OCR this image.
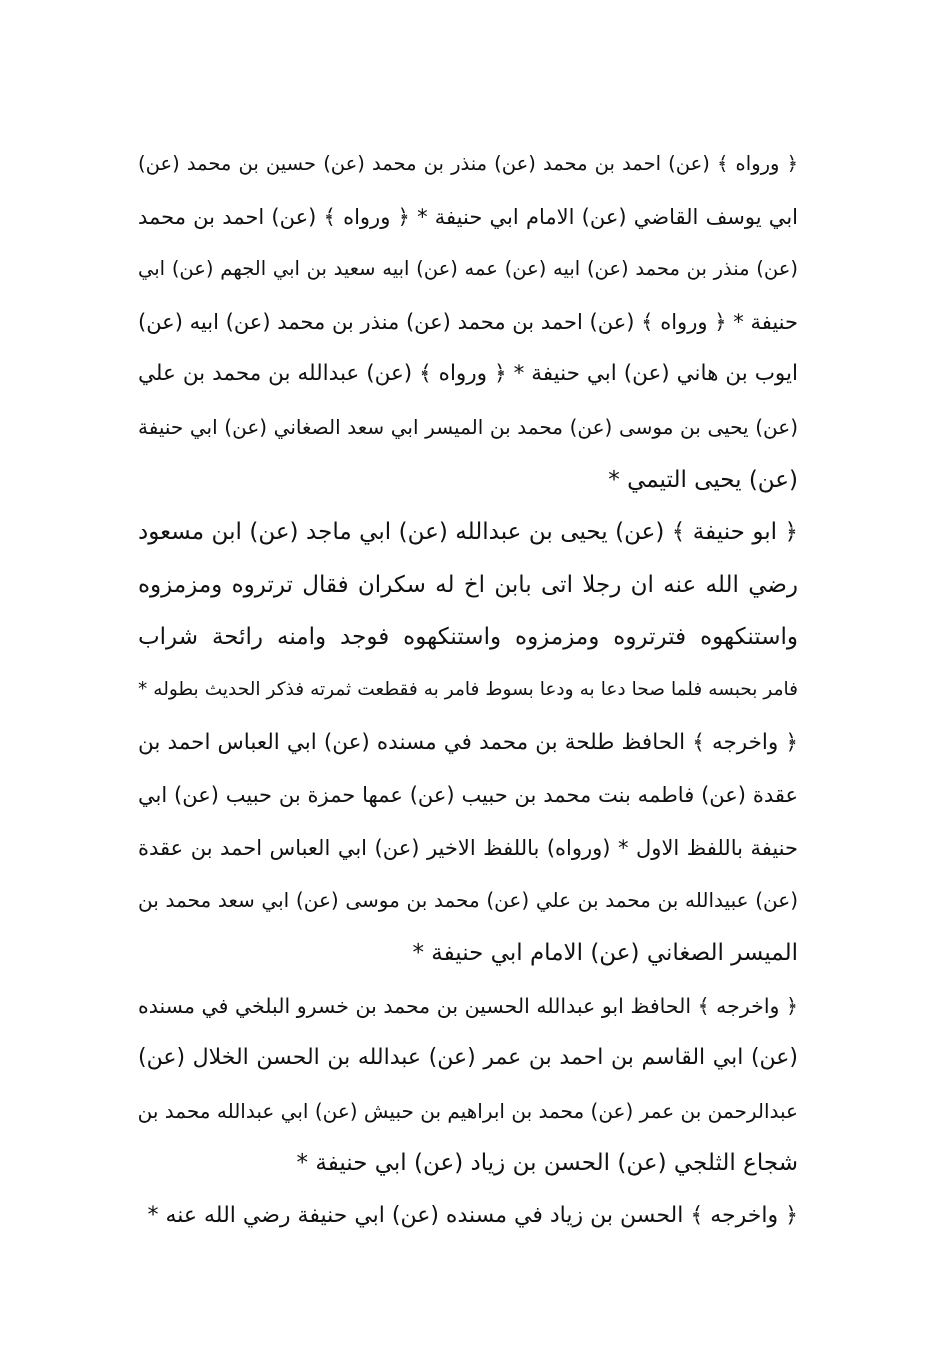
﴿ ورواه ﴾ (عن) احمد بن محمد (عن) منذر بن محمد (عن) حسين بن محمد (عن)
ابي يوسف القاضي (عن) الامام ابي حنيفة * ﴿ ورواه ﴾ (عن) احمد بن محمد
(عن) منذر بن محمد (عن) ابيه (عن) عمه (عن) ابيه سعيد بن ابي الجهم (عن) ابي
حنيفة * ﴿ ورواه ﴾ (عن) احمد بن محمد (عن) منذر بن محمد (عن) ابيه (عن)
ايوب بن هاني (عن) ابي حنيفة * ﴿ ورواه ﴾ (عن) عبدالله بن محمد بن علي
(عن) يحيى بن موسى (عن) محمد بن الميسر ابي سعد الصغاني (عن) ابي حنيفة
(عن) يحيى التيمي *
﴿ ابو حنيفة ﴾ (عن) يحيى بن عبدالله (عن) ابي ماجد (عن) ابن مسعود
رضي الله عنه ان رجلا اتى بابن اخ له سكران فقال ترتروه ومزمزوه
واستنكهوه فترتروه ومزمزوه واستنكهوه فوجد وامنه رائحة شراب
فامر بحبسه فلما صحا دعا به ودعا بسوط فامر به فقطعت ثمرته فذكر الحديث بطوله *
﴿ واخرجه ﴾ الحافظ طلحة بن محمد في مسنده (عن) ابي العباس احمد بن
عقدة (عن) فاطمه بنت محمد بن حبيب (عن) عمها حمزة بن حبيب (عن) ابي
حنيفة باللفظ الاول * (ورواه) باللفظ الاخير (عن) ابي العباس احمد بن عقدة
(عن) عبيدالله بن محمد بن علي (عن) محمد بن موسى (عن) ابي سعد محمد بن
الميسر الصغاني (عن) الامام ابي حنيفة *
﴿ واخرجه ﴾ الحافظ ابو عبدالله الحسين بن محمد بن خسرو البلخي في مسنده
(عن) ابي القاسم بن احمد بن عمر (عن) عبدالله بن الحسن الخلال (عن)
عبدالرحمن بن عمر (عن) محمد بن ابراهيم بن حبيش (عن) ابي عبدالله محمد بن
شجاع الثلجي (عن) الحسن بن زياد (عن) ابي حنيفة *
﴿ واخرجه ﴾ الحسن بن زياد في مسنده (عن) ابي حنيفة رضي الله عنه *
